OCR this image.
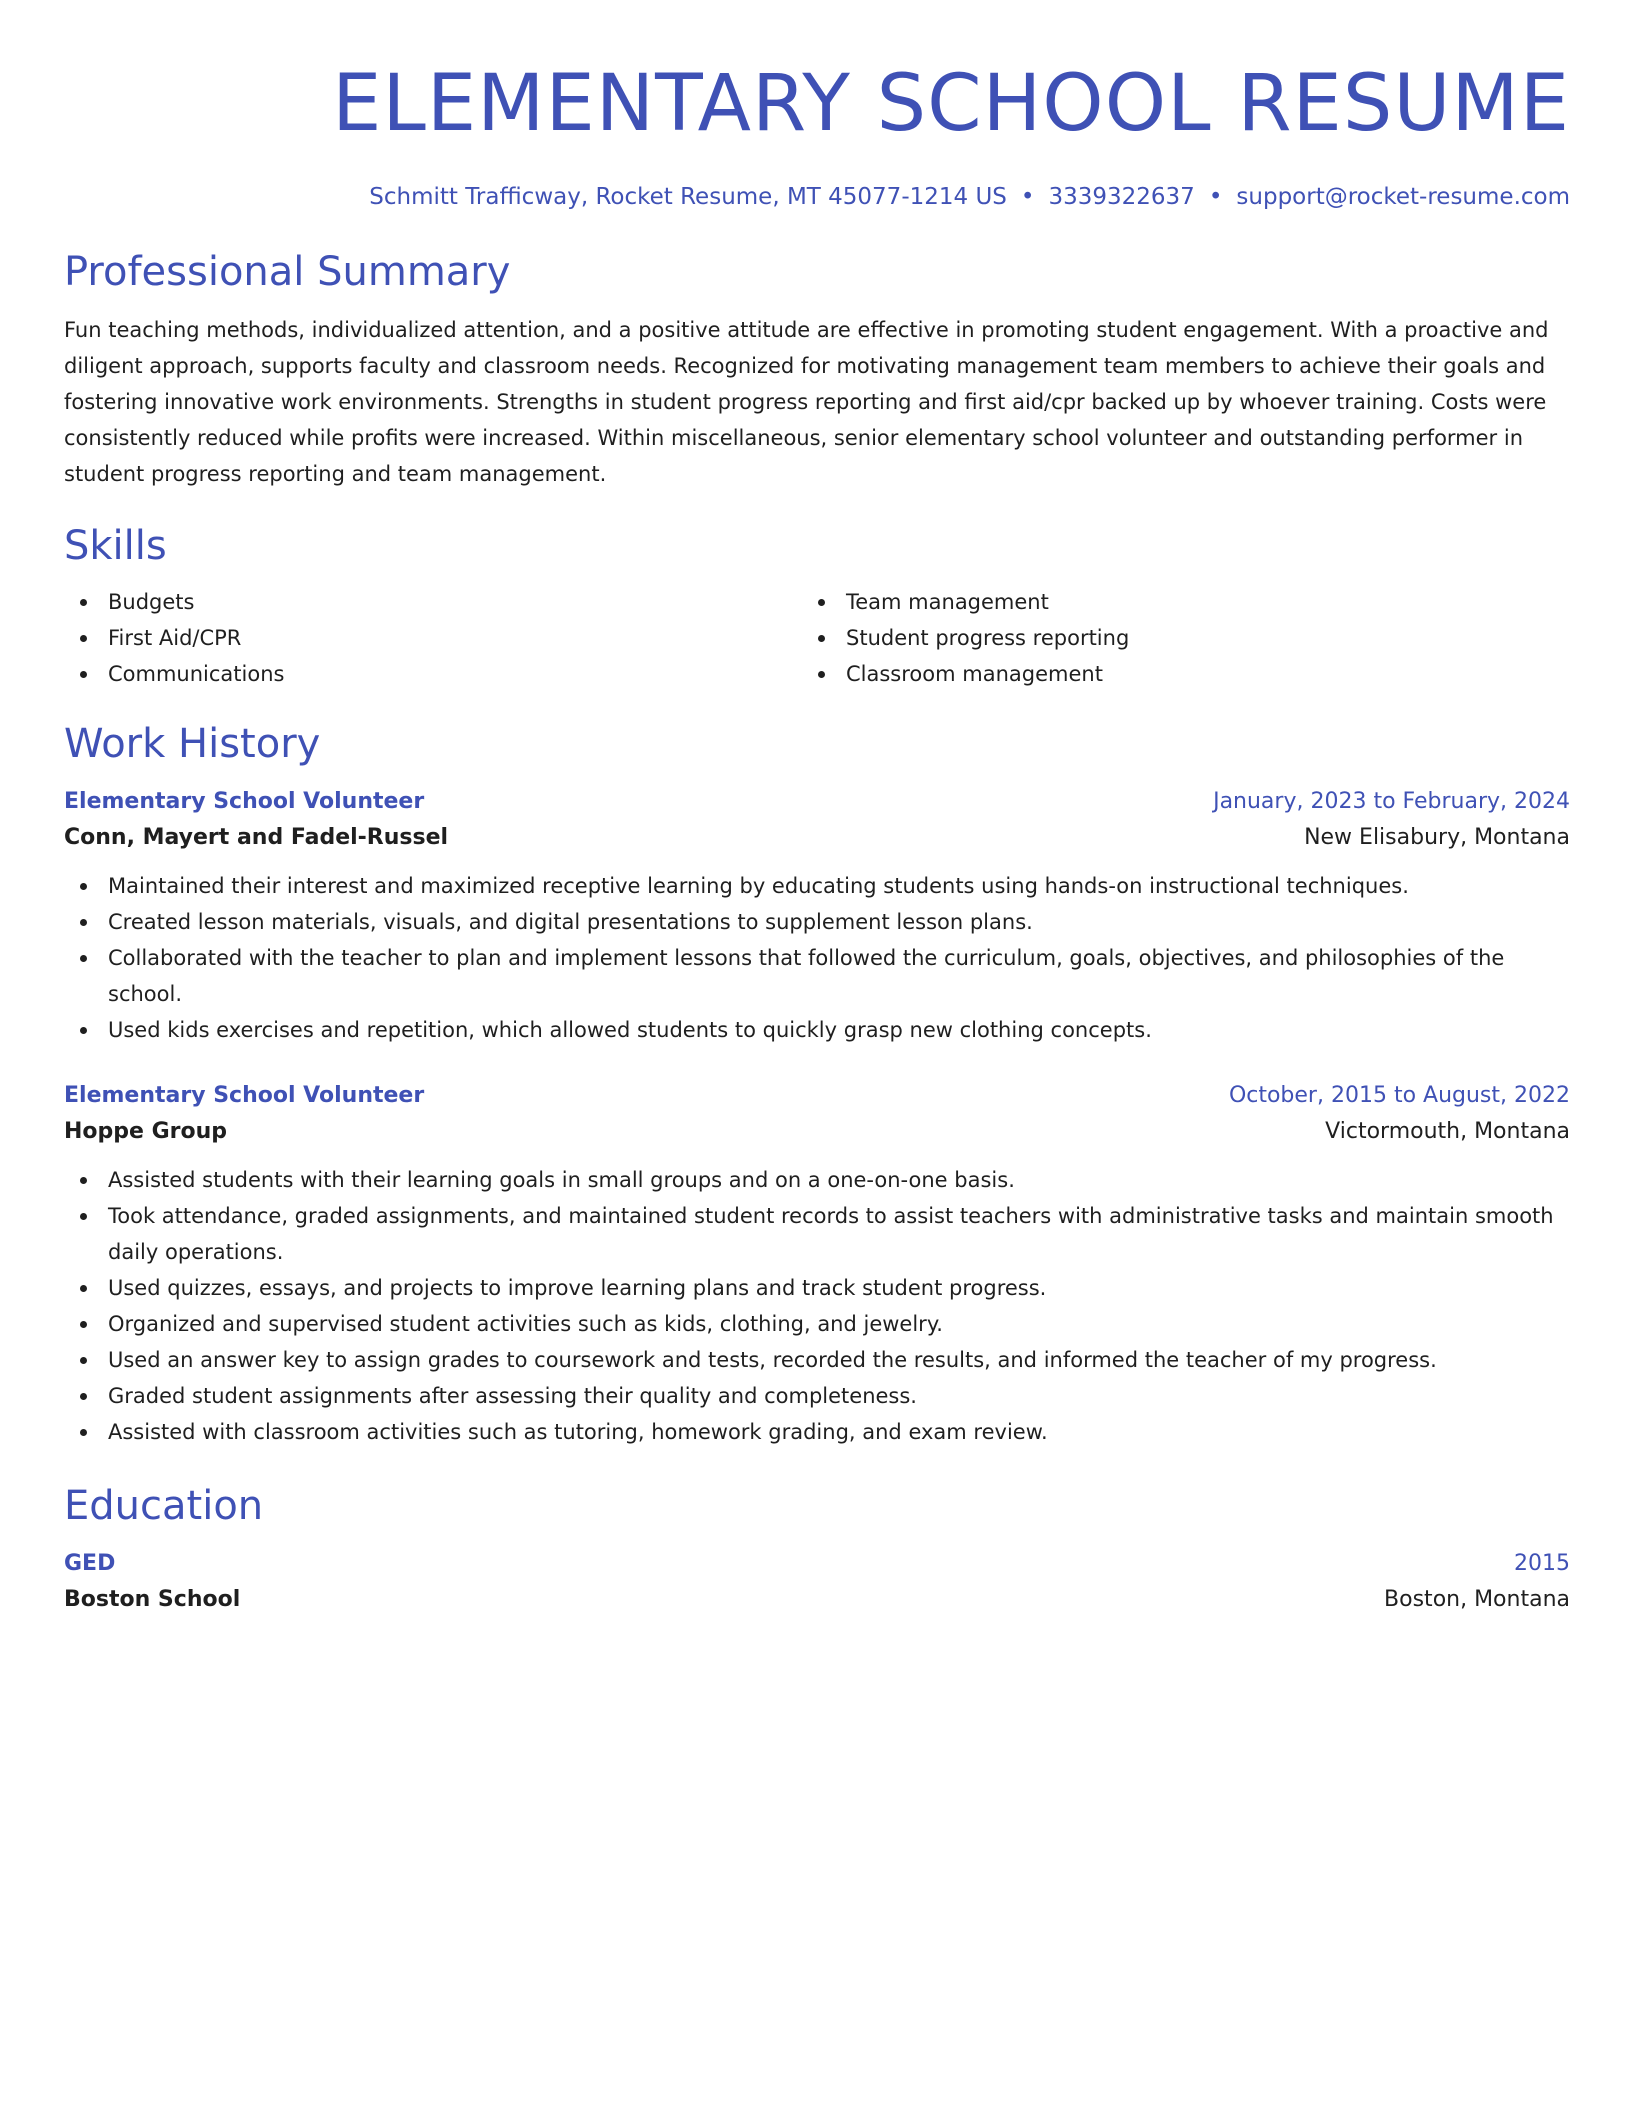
ELEMENTARY SCHOOL RESUME
Schmitt Trafficway, Rocket Resume, MT 45077-1214 US • 3339322637 • support@rocket-resume.com
Professional Summary
Fun teaching methods, individualized attention, and a positive attitude are effective in promoting student engagement. With a proactive and diligent approach, supports faculty and classroom needs. Recognized for motivating management team members to achieve their goals and fostering innovative work environments. Strengths in student progress reporting and first aid/cpr backed up by whoever training. Costs were consistently reduced while profits were increased. Within miscellaneous, senior elementary school volunteer and outstanding performer in student progress reporting and team management.
Skills
Budgets
First Aid/CPR
Communications
Team management
Student progress reporting
Classroom management
Work History
Elementary School Volunteer	January, 2023 to February, 2024
Conn, Mayert and Fadel-Russel	New Elisabury, Montana
Maintained their interest and maximized receptive learning by educating students using hands-on instructional techniques.
Created lesson materials, visuals, and digital presentations to supplement lesson plans.
Collaborated with the teacher to plan and implement lessons that followed the curriculum, goals, objectives, and philosophies of the school.
Used kids exercises and repetition, which allowed students to quickly grasp new clothing concepts.
Elementary School Volunteer	October, 2015 to August, 2022
Hoppe Group	Victormouth, Montana
Assisted students with their learning goals in small groups and on a one-on-one basis.
Took attendance, graded assignments, and maintained student records to assist teachers with administrative tasks and maintain smooth daily operations.
Used quizzes, essays, and projects to improve learning plans and track student progress.
Organized and supervised student activities such as kids, clothing, and jewelry.
Used an answer key to assign grades to coursework and tests, recorded the results, and informed the teacher of my progress.
Graded student assignments after assessing their quality and completeness.
Assisted with classroom activities such as tutoring, homework grading, and exam review.
Education
GED	2015
Boston School	Boston, Montana
